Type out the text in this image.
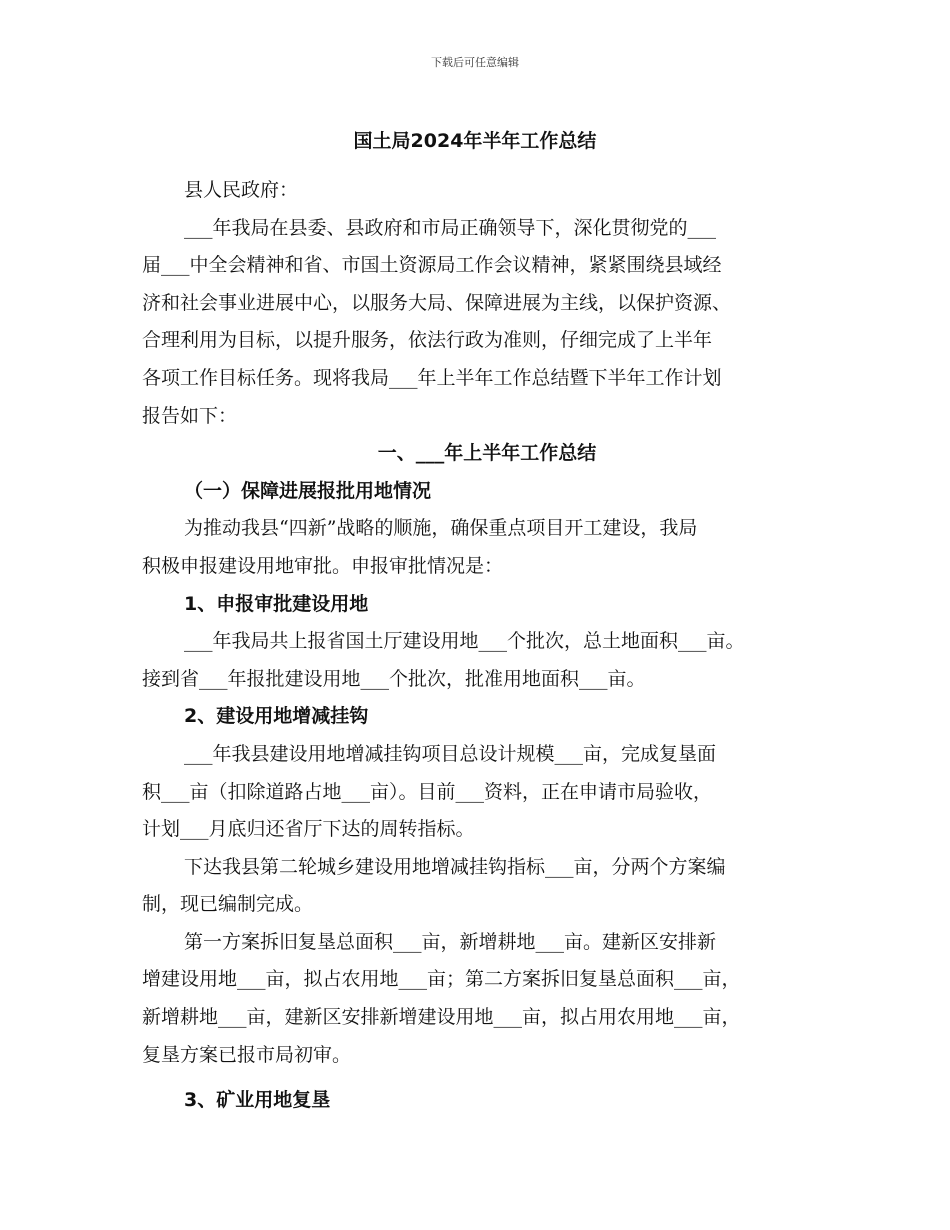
下载后可任意编辑
国土局2024年半年工作总结

县人民政府：

___年我局在县委、县政府和市局正确领导下，深化贯彻党的___

届___中全会精神和省、市国土资源局工作会议精神，紧紧围绕县域经

济和社会事业进展中心，以服务大局、保障进展为主线，以保护资源、

合理利用为目标，以提升服务，依法行政为准则，仔细完成了上半年

各项工作目标任务。现将我局___年上半年工作总结暨下半年工作计划

报告如下：

一、___年上半年工作总结

（一）保障进展报批用地情况

为推动我县“四新”战略的顺施，确保重点项目开工建设，我局

积极申报建设用地审批。申报审批情况是：

1、申报审批建设用地

___年我局共上报省国土厅建设用地___个批次，总土地面积___亩。

接到省___年报批建设用地___个批次，批准用地面积___亩。

2、建设用地增减挂钩

___年我县建设用地增减挂钩项目总设计规模___亩，完成复垦面

积___亩（扣除道路占地___亩）。目前___资料，正在申请市局验收，

计划___月底归还省厅下达的周转指标。

下达我县第二轮城乡建设用地增减挂钩指标___亩，分两个方案编

制，现已编制完成。

第一方案拆旧复垦总面积___亩，新增耕地___亩。建新区安排新

增建设用地___亩，拟占农用地___亩；第二方案拆旧复垦总面积___亩，

新增耕地___亩，建新区安排新增建设用地___亩，拟占用农用地___亩，

复垦方案已报市局初审。

3、矿业用地复垦
